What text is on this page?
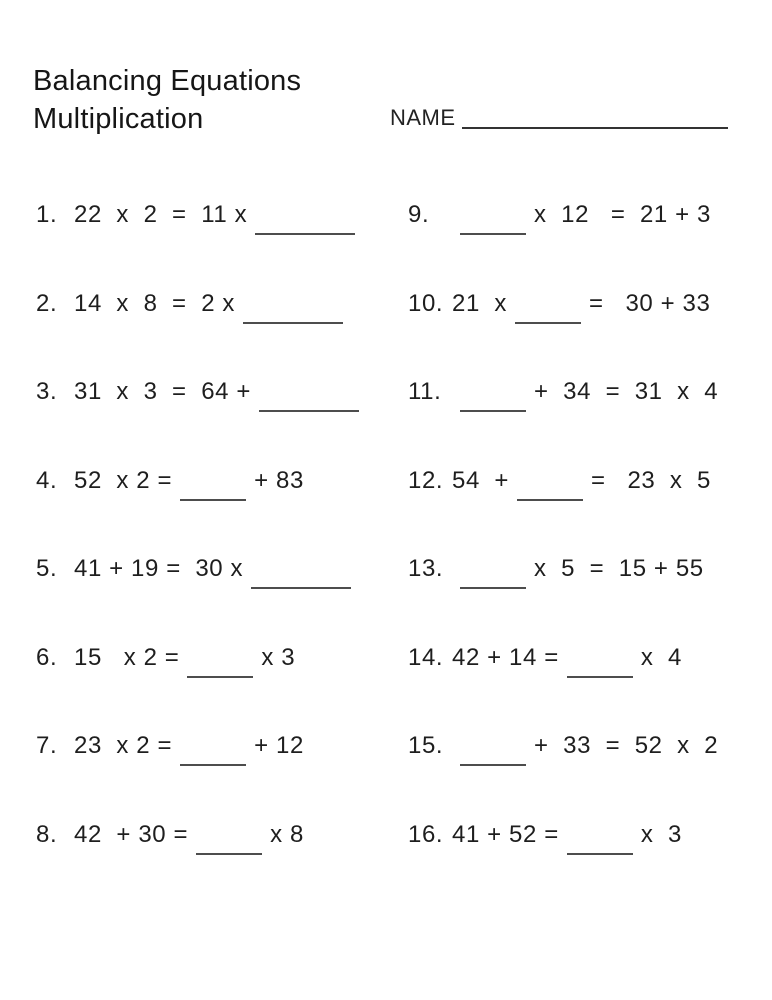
Balancing Equations
Multiplication	NAME
1. 22  x  2  =  11 x
2. 14  x  8  =  2 x
3. 31  x  3  =  64 +
4. 52  x 2 =	+ 83
5. 41 + 19 =  30 x
6. 15   x 2 =	x 3
7. 23  x 2 =	+ 12
8. 42  + 30 =	x 8
9.	x  12   =  21 + 3
10. 21  x	=   30 + 33
11.	+  34  =  31  x  4
12. 54  +	=   23  x  5
13.	x  5  =  15 + 55
14. 42 + 14 =	x  4
15.	+  33  =  52  x  2
16. 41 + 52 =	x  3
